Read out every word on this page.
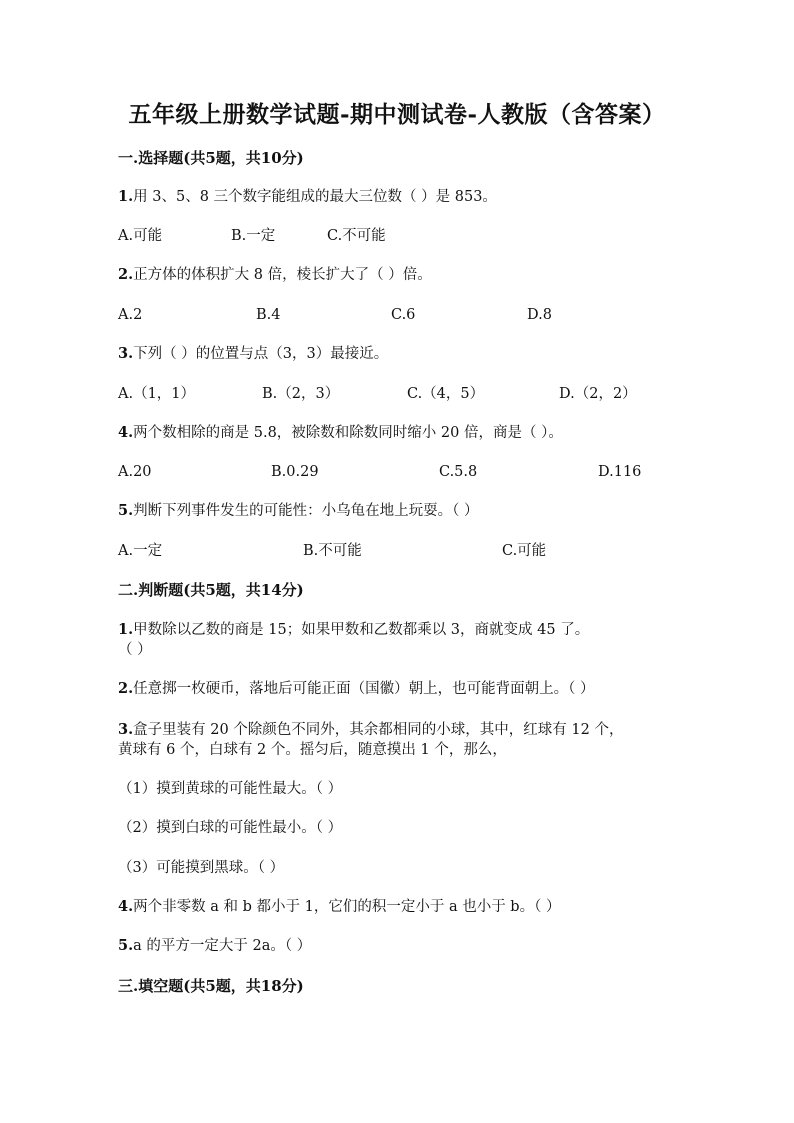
五年级上册数学试题-期中测试卷-人教版（含答案）
一.选择题(共5题，共10分)
1.用 3、5、8 三个数字能组成的最大三位数（ ）是 853。
A.可能	B.一定	C.不可能
2.正方体的体积扩大 8 倍，棱长扩大了（ ）倍。
A.2	B.4	C.6	D.8
3.下列（ ）的位置与点（3，3）最接近。
A.（1，1）	B.（2，3）	C.（4，5）	D.（2，2）
4.两个数相除的商是 5.8，被除数和除数同时缩小 20 倍，商是（ ）。
A.20	B.0.29	C.5.8	D.116
5.判断下列事件发生的可能性：小乌龟在地上玩耍。（ ）
A.一定	B.不可能	C.可能
二.判断题(共5题，共14分)
1.甲数除以乙数的商是 15；如果甲数和乙数都乘以 3，商就变成 45 了。
（ ）
2.任意掷一枚硬币，落地后可能正面（国徽）朝上，也可能背面朝上。（ ）
3.盒子里装有 20 个除颜色不同外，其余都相同的小球，其中，红球有 12 个，
黄球有 6 个，白球有 2 个。摇匀后，随意摸出 1 个，那么，
（1）摸到黄球的可能性最大。（ ）
（2）摸到白球的可能性最小。（ ）
（3）可能摸到黑球。（ ）
4.两个非零数 a 和 b 都小于 1，它们的积一定小于 a 也小于 b。（ ）
5.a 的平方一定大于 2a。（ ）
三.填空题(共5题，共18分)
